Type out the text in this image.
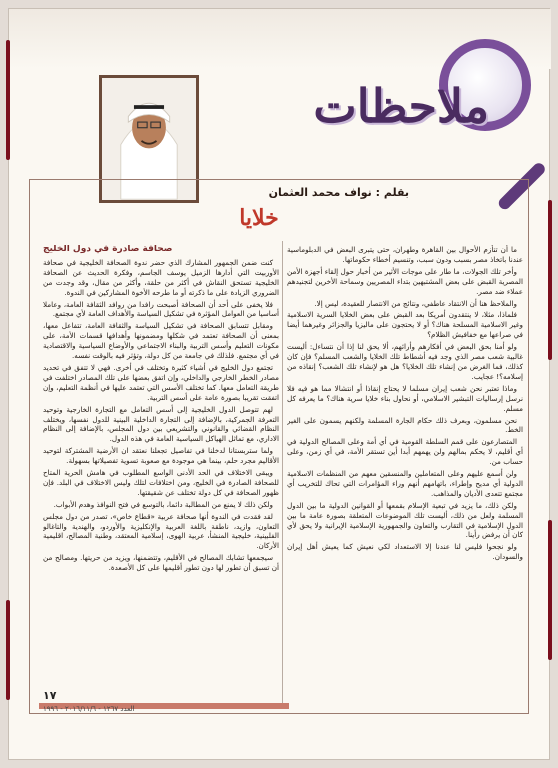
ملاحظات
بقلم : نواف محمد العثمان
خلايا

ما أن تتأزم الأحوال بين القاهرة وطهران، حتى يتبرى البعض في الدبلوماسية عندنا باتخاذ مصر بسبب ودون سبب، وتنسيم أخطاء حكوماتها.

وأخر تلك الجولات، ما طار على موجات الأثير من أخبار حول إلقاء أجهزة الأمن المصرية القبض على بعض المشتبهين بتداء المصريين وسماحة الأخرين لتجنيدهم عملاء ضد مصر.

والملاحظ هنا أن الانتقاد عاطفي، ونتائج من الانتصار للعقيدة، ليس إلا.

فلماذا، مثلا، لا ينتقدون أمريكا بعد القبض على بعض الخلايا السرية الاسلامية وغير الاسلامية المسلحة هناك؟ أو لا يحتجون على ماليزيا والجزائر وغيرهما أيضا في صراعها مع خفافيش الظلام؟

ولو أمنا بحق البعض في أفكارهم وأرائهم، ألا يحق لنا إذا أن نتساءل: أليست غالبية شعب مصر الذي وجد فيه أشطاط تلك الخلايا والشعب المسلم؟ فإن كان كذلك، فما الغرض من إنشاء تلك الخلايا؟ هل هو لإنشاء تلك الشعب؟ إنقاذه من إسلامه؟! عجايب.

وماذا تعتبر نحن شعب إيران مسلما لا يحتاج إنقاذا أو انتشالا مما هو فيه فلا نرسل إرساليات التبشير الاسلامي، أو نحاول بناء خلايا سرية هناك؟ ما يعرفه كل مسلم.

نحن مسلمون، وبعرف ذلك حكام الجارة المسلمة ولكنهم يسمون على الغير الخط.

المتصارعون على قمم السلطة القومية في أي أمة وعلى المصالح الدولية في أي أقليم، لا يحكم بمالهم ولن يهمهم أبدا أين تستقر الأمة، في أي زمن، وعلى حساب من.

ولن أسمع عليهم وعلى المتعاملين والمنسقين معهم من المنظمات الاسلامية الدولية أي مديح وإطراء، باتهامهم أنهم وراء المؤامرات التي تحاك للتخريب أي مجتمع تتعدى الأديان والمذاهب.

ولكن ذلك، ما يزيد في تبعية الإسلام بقمعها أو القوانين الدولية ما بين الدول المسلمة ولعل من ذلك، أليست تلك الموضوعات المتعلقة بصورة عامة ما بين الدول الإسلامية في التقارب والتعاون والجمهورية الإسلامية الإيرانية ولا يحق لأي كان أن يرفض رأينا.

ولو نجحوا فليس لنا عندنا إلا الاستعداد لكي نعيش كما يعيش أهل إيران والسودان.

صحافة صادرة في دول الخليج

كنت ضمن الجمهور المشارك الذي حضر ندوة الصحافة الخليجية في صحافة الأوربيت التي أدارها الزميل يوسف الجاسم، وفكرة الحديث عن الصحافة الخليجية تستحق النقاش في أكثر من حلقة، وأكثر من مقال، وقد وجدت من الضروري الزيادة على ما ذكرته أو ما طرحه الأخوة المشاركين في الندوة.

فلا يخفى على أحد أن الصحافة أصبحت رافدا من روافد الثقافة العامة، وعاملا أساسيا من العوامل المؤثرة في تشكيل السياسة والأهداف العامة لأي مجتمع.

ومقابل تتسابق الصحافة في تشكيل السياسة والثقافة العامة، تتفاعل معها، بمعنى أن الصحافة تعتمد في شكلها ومضمونها وأهدافها قسمات الأمة، على مكونات التعليم وأسس التربية والبناء الاجتماعي والأوضاع السياسية والاقتصادية في أي مجتمع. فلذلك في جامعة من كل دولة، وتؤثر فيه بالوقت نفسه.

تجتمع دول الخليج في أشياء كثيرة وتختلف في أخرى. فهي لا تتفق في تحديد مصادر الخطر الخارجي والداخلي، وإن اتفق بعضها على تلك المصادر اختلفت في طريقة التعامل معها. كما تختلف الأسس التي تعتمد عليها في أنظمة التعليم، وإن اتفقت تقريبا بصورة عامة على أسس التربية.

لهم تتوصل الدول الخليجية إلى أسس التعامل مع التجارة الخارجية وتوحيد التعرفة الجمركية، بالإضافة إلى التجارة الداخلية البينية للدول نفسها، ويختلف النظام القضائي والقانوني والتشريعي بين دول المجلس، بالإضافة إلى النظام الاداري، مع تماثل الهياكل السياسية العامة في هذه الدول.

ولما ستربستانا لدخلنا في تفاصيل تجعلنا نعتقد ان الأرضية المشتركة لتوحيد الأقاليم مجرد حلم، بينما هي موجودة مع صعوبة تسوية تفصيلاتها بسهولة.

ويبقى الاختلاف في الحد الأدنى الواسع المطلوب في هامش الحرية المتاح للصحافة الصادرة في الخليج، ومن اختلافات لتلك وليس الاختلاف في البلد. فإن ظهور الصحافة في كل دولة تختلف عن شقيقتها.

ولكن ذلك لا يمنع من المطالبة دائما، بالتوسع في فتح النوافذ وهدم الأبواب.

لقد فقدت في الندوة أنها صحافة عربية «قطاع خاص»، تصدر من دول مجلس التعاون، وازيد، ناطقة باللغة العربية والإنكليزية والأوردو، والهندية والتاغالو الفلبينية، خليجية المنشأ، عربية الهوى، إسلامية المعتقد، وطنية المصالح، اقليمية الأركان.

سيجمعها تشابك المصالح في الأقليم، وتتضمنها، ويزيد من حريتها. ومصالح من أن تسبق أن تطور لها دون تطور أقليمها على كل الأصعدة.

١٧
العدد ١٢٦٧ - ٢٠١٦/١١/٦ - ١٩٩٦
